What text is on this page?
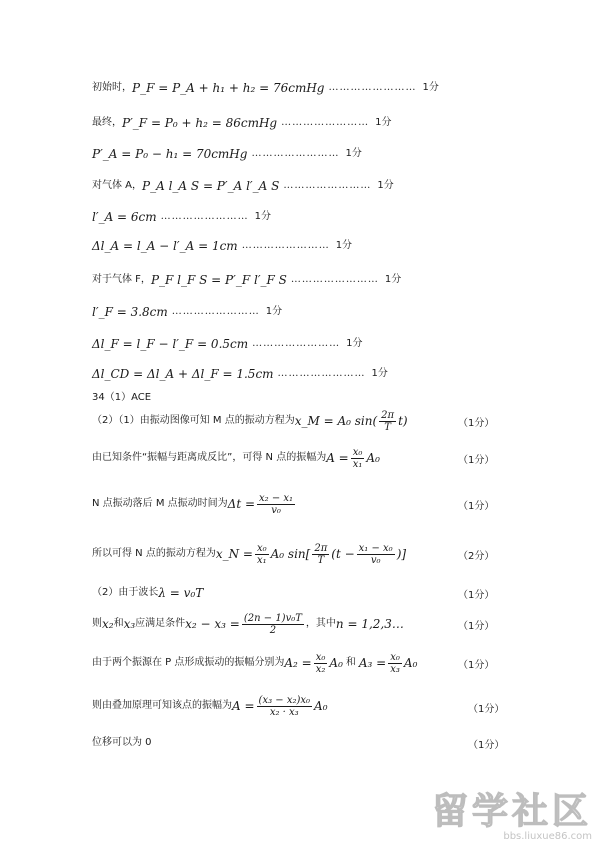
初始时， P_F = P_A + h₁ + h₂ = 76cmHg …………………… 1分
最终， P′_F = P₀ + h₂ = 86cmHg …………………… 1分
P′_A = P₀ − h₁ = 70cmHg …………………… 1分
对气体 A， P_A l_A S = P′_A l′_A S …………………… 1分
l′_A = 6cm …………………… 1分
Δl_A = l_A − l′_A = 1cm …………………… 1分
对于气体 F， P_F l_F S = P′_F l′_F S …………………… 1分
l′_F = 3.8cm …………………… 1分
Δl_F = l_F − l′_F = 0.5cm …………………… 1分
Δl_CD = Δl_A + Δl_F = 1.5cm …………………… 1分
34（1）ACE
（2）（1）由振动图像可知 M 点的振动方程为 x_M = A₀ $\sin( \frac{2\pi}{T} t)$	（1分）
由已知条件“振幅与距离成反比”，可得 N 点的振幅为 $A = \frac{\text{x₀}}{\text{x₁}} A_0$	（1分）
N 点振动落后 M 点振动时间为 $\Delta t = \frac{\text{x₂ − x₁}}{\text{v₀}}$	（1分）
所以可得 N 点的振动方程为 x_N = $\frac{\text{x₀}}{\text{x₁}} A_0$ $\sin[ \frac{2\pi}{T} (t - \frac{\text{x₁ − x₀}}{\text{v₀}}$ )]	（2分）
（2）由于波长 λ = v₀T	（1分）
则 x₂ 和 x₃ 应满足条件 $x_2 - x_3 = \frac{\text{(2n − 1)v₀T}}{2}$ ，其中 n = 1,2,3…	（1分）
由于两个振源在 P 点形成振动的振幅分别为 $A_2 = \frac{\text{x₀}}{\text{x₂}} A_0$ 和 $A_3 = \frac{\text{x₀}}{\text{x₃}} A_0$	（1分）
则由叠加原理可知该点的振幅为 $A = \frac{\text{(x₃ − x₂)x₀}}{\text{x₂ · x₃}} A_0$	（1分）
位移可以为 0	（1分）
留学社区
bbs.liuxue86.com
